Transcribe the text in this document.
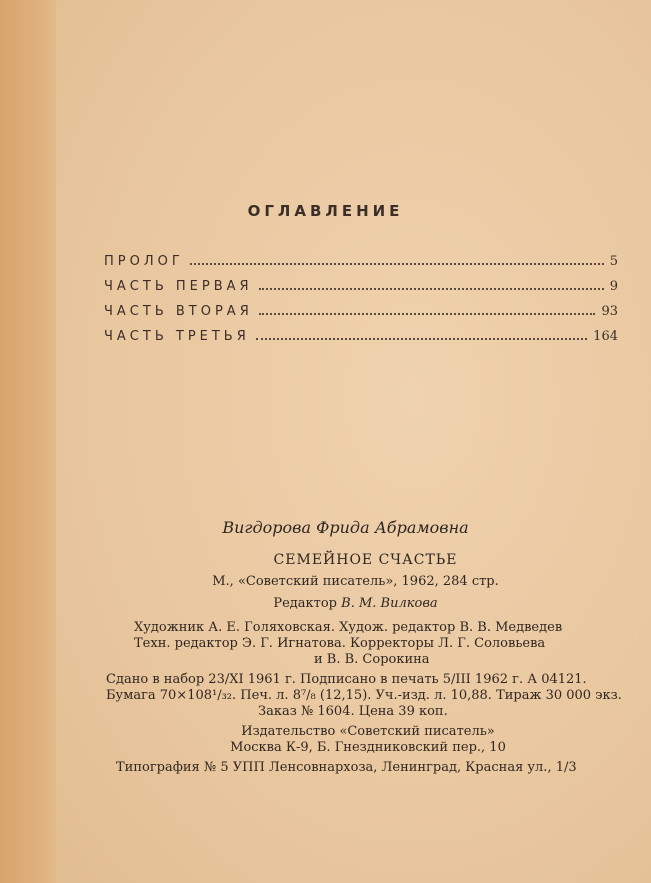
ОГЛАВЛЕНИЕ
ПРОЛОГ	5
ЧАСТЬ ПЕРВАЯ	9
ЧАСТЬ ВТОРАЯ	93
ЧАСТЬ ТРЕТЬЯ	164
Вигдорова Фрида Абрамовна
СЕМЕЙНОЕ СЧАСТЬЕ
М., «Советский писатель», 1962, 284 стр.
Редактор В. М. Вилкова
Художник А. Е. Голяховская. Худож. редактор В. В. Медведев
Техн. редактор Э. Г. Игнатова. Корректоры Л. Г. Соловьева
и В. В. Сорокина
Сдано в набор 23/XI 1961 г. Подписано в печать 5/III 1962 г. А 04121.
Бумага 70×108¹/₃₂. Печ. л. 8⁷/₈ (12,15). Уч.-изд. л. 10,88. Тираж 30 000 экз.
Заказ № 1604. Цена 39 коп.
Издательство «Советский писатель»
Москва К-9, Б. Гнездниковский пер., 10
Типография № 5 УПП Ленсовнархоза, Ленинград, Красная ул., 1/3
